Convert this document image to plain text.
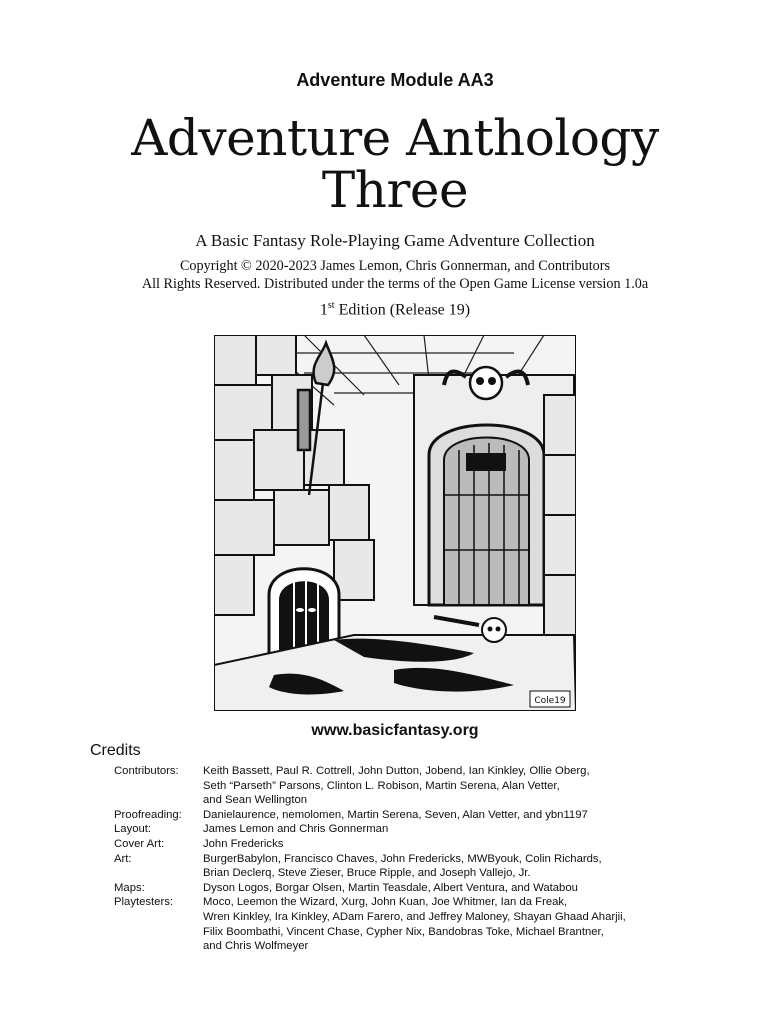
Adventure Module AA3
Adventure Anthology
Three
A Basic Fantasy Role-Playing Game Adventure Collection
Copyright © 2020-2023 James Lemon, Chris Gonnerman, and Contributors
All Rights Reserved. Distributed under the terms of the Open Game License version 1.0a
1st Edition (Release 19)
Cole19
www.basicfantasy.org
Credits
Contributors: Keith Bassett, Paul R. Cottrell, John Dutton, Jobend, Ian Kinkley, Ollie Oberg,
Seth “Parseth” Parsons, Clinton L. Robison, Martin Serena, Alan Vetter,
and Sean Wellington
Proofreading: Danielaurence, nemolomen, Martin Serena, Seven, Alan Vetter, and ybn1197
Layout:	James Lemon and Chris Gonnerman
Cover Art:	John Fredericks
Art:	BurgerBabylon, Francisco Chaves, John Fredericks, MWByouk, Colin Richards,
Brian Declerq, Steve Zieser, Bruce Ripple, and Joseph Vallejo, Jr.
Maps:	Dyson Logos, Borgar Olsen, Martin Teasdale, Albert Ventura, and Watabou
Playtesters:	Moco, Leemon the Wizard, Xurg, John Kuan, Joe Whitmer, Ian da Freak,
Wren Kinkley, Ira Kinkley, ADam Farero, and Jeffrey Maloney, Shayan Ghaad Aharjii,
Filix Boombathi, Vincent Chase, Cypher Nix, Bandobras Toke, Michael Brantner,
and Chris Wolfmeyer
